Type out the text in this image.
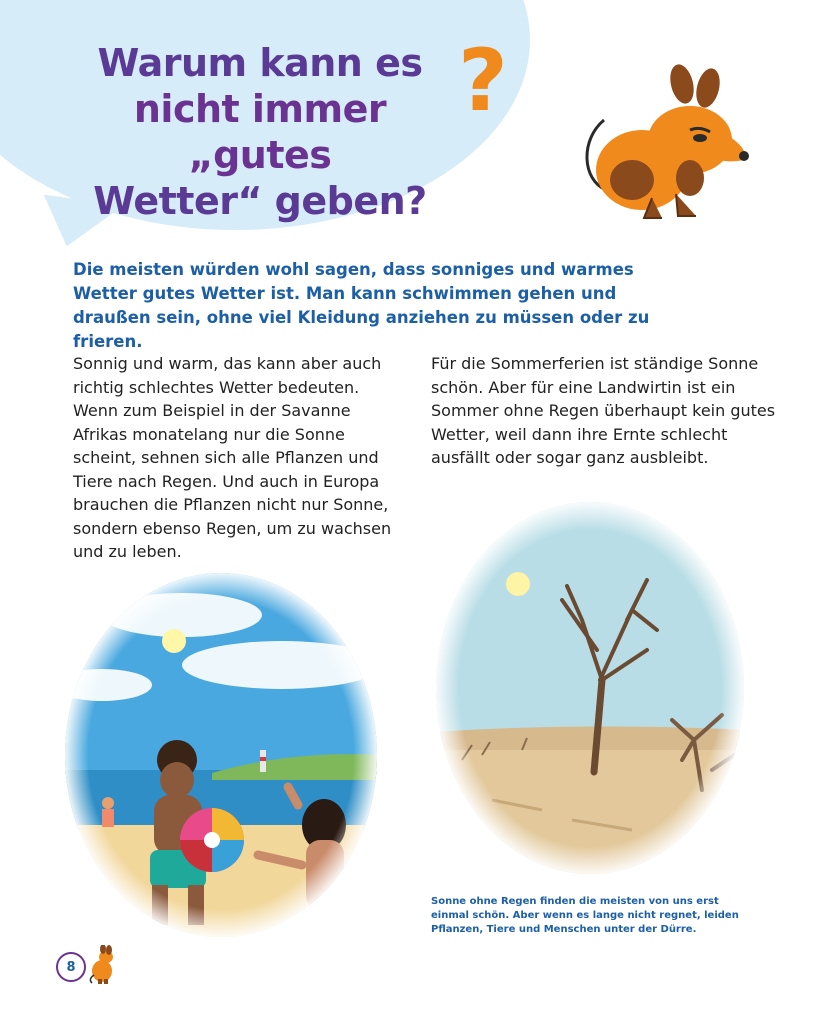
Warum kann es
nicht immer „gutes
Wetter“ geben?
?

Die meisten würden wohl sagen, dass sonniges und warmes Wetter gutes Wetter ist. Man kann schwimmen gehen und draußen sein, ohne viel Kleidung anziehen zu müssen oder zu frieren.

Sonnig und warm, das kann aber auch richtig schlechtes Wetter bedeuten. Wenn zum Beispiel in der Savanne Afrikas monatelang nur die Sonne scheint, sehnen sich alle Pflanzen und Tiere nach Regen. Und auch in Europa brauchen die Pflanzen nicht nur Sonne, sondern ebenso Regen, um zu wachsen und zu leben.

Für die Sommerferien ist ständige Sonne schön. Aber für eine Landwirtin ist ein Sommer ohne Regen überhaupt kein gutes Wetter, weil dann ihre Ernte schlecht ausfällt oder sogar ganz ausbleibt.

Sonne ohne Regen finden die meisten von uns erst einmal schön. Aber wenn es lange nicht regnet, leiden Pflanzen, Tiere und Menschen unter der Dürre.

8
